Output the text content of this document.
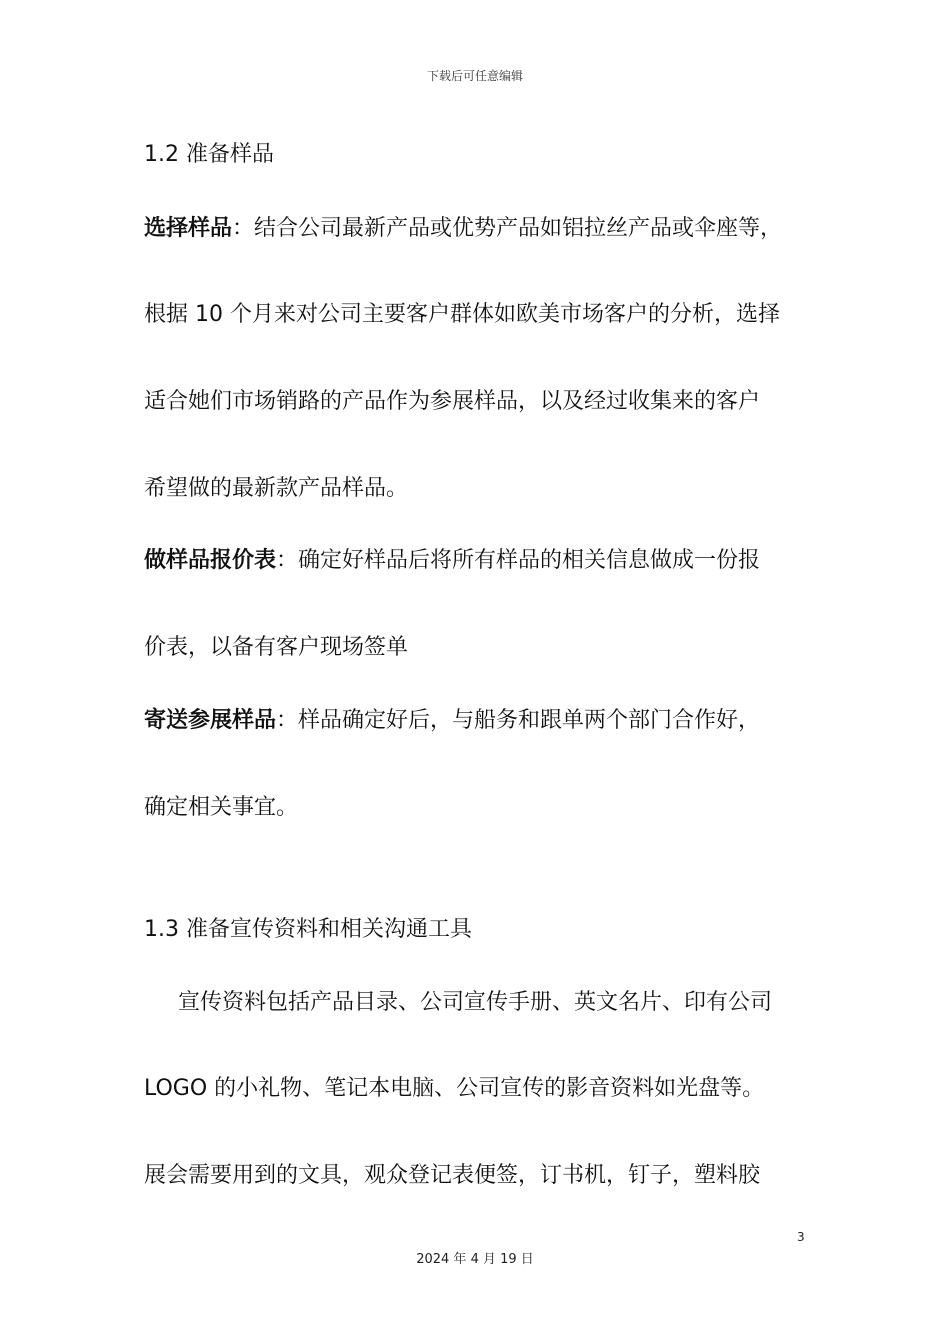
下载后可任意编辑
1.2 准备样品
选择样品：结合公司最新产品或优势产品如铝拉丝产品或伞座等，
根据 10 个月来对公司主要客户群体如欧美市场客户的分析，选择
适合她们市场销路的产品作为参展样品，以及经过收集来的客户
希望做的最新款产品样品。
做样品报价表：确定好样品后将所有样品的相关信息做成一份报
价表，以备有客户现场签单
寄送参展样品：样品确定好后，与船务和跟单两个部门合作好，
确定相关事宜。
1.3 准备宣传资料和相关沟通工具
宣传资料包括产品目录、公司宣传手册、英文名片、印有公司
LOGO 的小礼物、笔记本电脑、公司宣传的影音资料如光盘等。
展会需要用到的文具，观众登记表便签，订书机，钉子，塑料胶
3
2024 年 4 月 19 日
